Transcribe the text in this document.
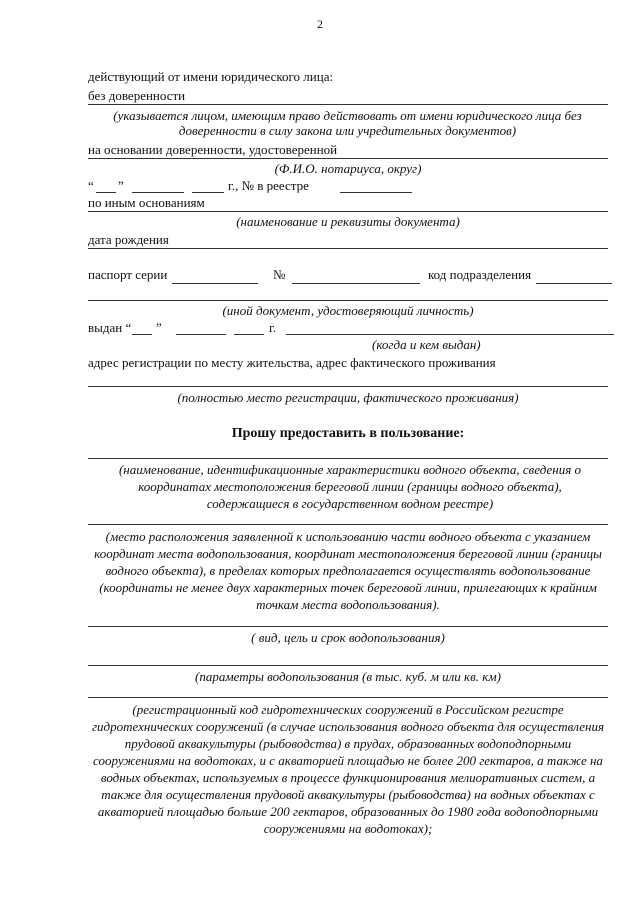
2
действующий от имени юридического лица:
без доверенности
(указывается лицом, имеющим право действовать от имени юридического лица без доверенности в силу закона или учредительных документов)
на основании доверенности, удостоверенной
(Ф.И.О. нотариуса, округ)
“ ”	г., № в реестре
по иным основаниям
(наименование и реквизиты документа)
дата рождения
паспорт серии	№	код подразделения
(иной документ, удостоверяющий личность)
выдан “ ”	г.
(когда и кем выдан)
адрес регистрации по месту жительства, адрес фактического проживания
(полностью место регистрации, фактического проживания)
Прошу предоставить в пользование:
(наименование, идентификационные характеристики водного объекта, сведения о координатах местоположения береговой линии (границы водного объекта), содержащиеся в государственном водном реестре)
(место расположения заявленной к использованию части водного объекта с указанием координат места водопользования, координат местоположения береговой линии (границы водного объекта), в пределах которых предполагается осуществлять водопользование (координаты не менее двух характерных точек береговой линии, прилегающих к крайним точкам места водопользования).
( вид, цель и срок водопользования)
(параметры водопользования (в тыс. куб. м или кв. км)
(регистрационный код гидротехнических сооружений в Российском регистре гидротехнических сооружений (в случае использования водного объекта для осуществления прудовой аквакультуры (рыбоводства) в прудах, образованных водоподпорными сооружениями на водотоках, и с акваторией площадью не более 200 гектаров, а также на водных объектах, используемых в процессе функционирования мелиоративных систем, а также для осуществления прудовой аквакультуры (рыбоводства) на водных объектах с акваторией площадью больше 200 гектаров, образованных до 1980 года водоподпорными сооружениями на водотоках);
